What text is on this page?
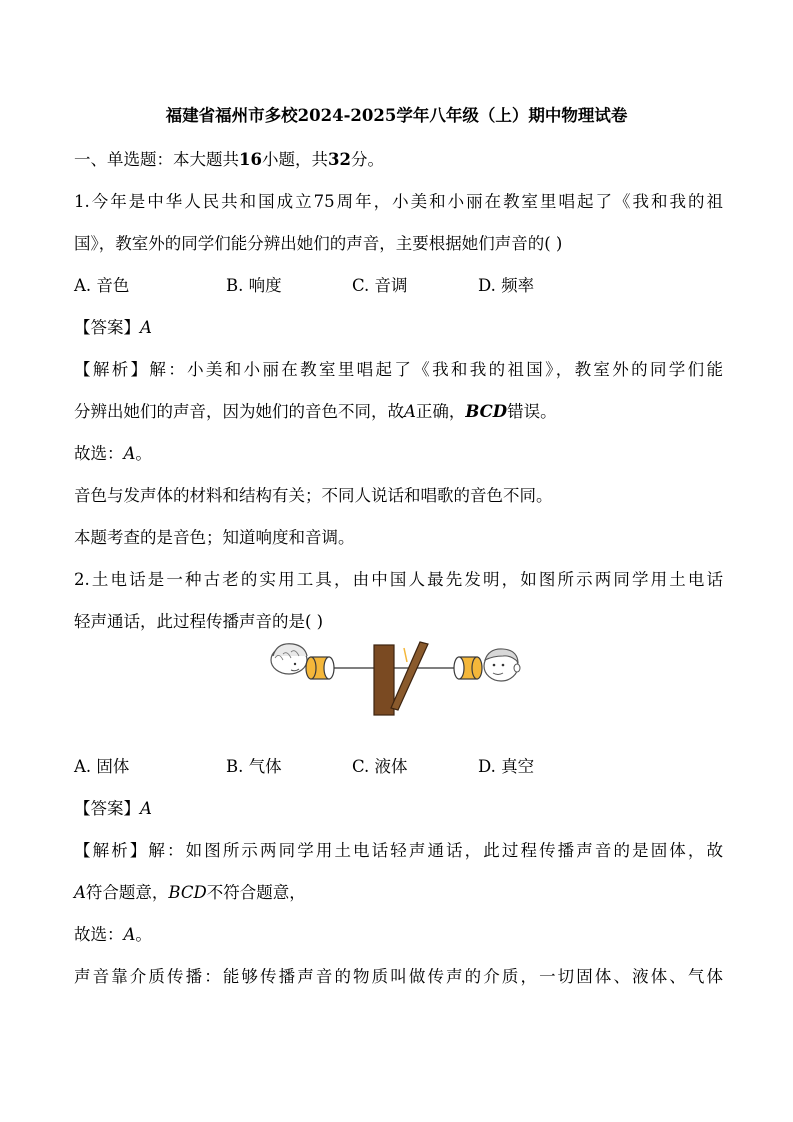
福建省福州市多校2024-2025学年八年级（上）期中物理试卷
一、单选题：本大题共16小题，共32分。
1.今年是中华人民共和国成立75周年，小美和小丽在教室里唱起了《我和我的祖
国》，教室外的同学们能分辨出她们的声音，主要根据她们声音的( )
A. 音色	B. 响度	C. 音调	D. 频率
【答案】A
【解析】解：小美和小丽在教室里唱起了《我和我的祖国》，教室外的同学们能
分辨出她们的声音，因为她们的音色不同，故A正确，BCD错误。
故选：A。
音色与发声体的材料和结构有关；不同人说话和唱歌的音色不同。
本题考查的是音色；知道响度和音调。
2.土电话是一种古老的实用工具，由中国人最先发明，如图所示两同学用土电话
轻声通话，此过程传播声音的是( )
A. 固体	B. 气体	C. 液体	D. 真空
【答案】A
【解析】解：如图所示两同学用土电话轻声通话，此过程传播声音的是固体，故
A符合题意，BCD不符合题意，
故选：A。
声音靠介质传播：能够传播声音的物质叫做传声的介质，一切固体、液体、气体
